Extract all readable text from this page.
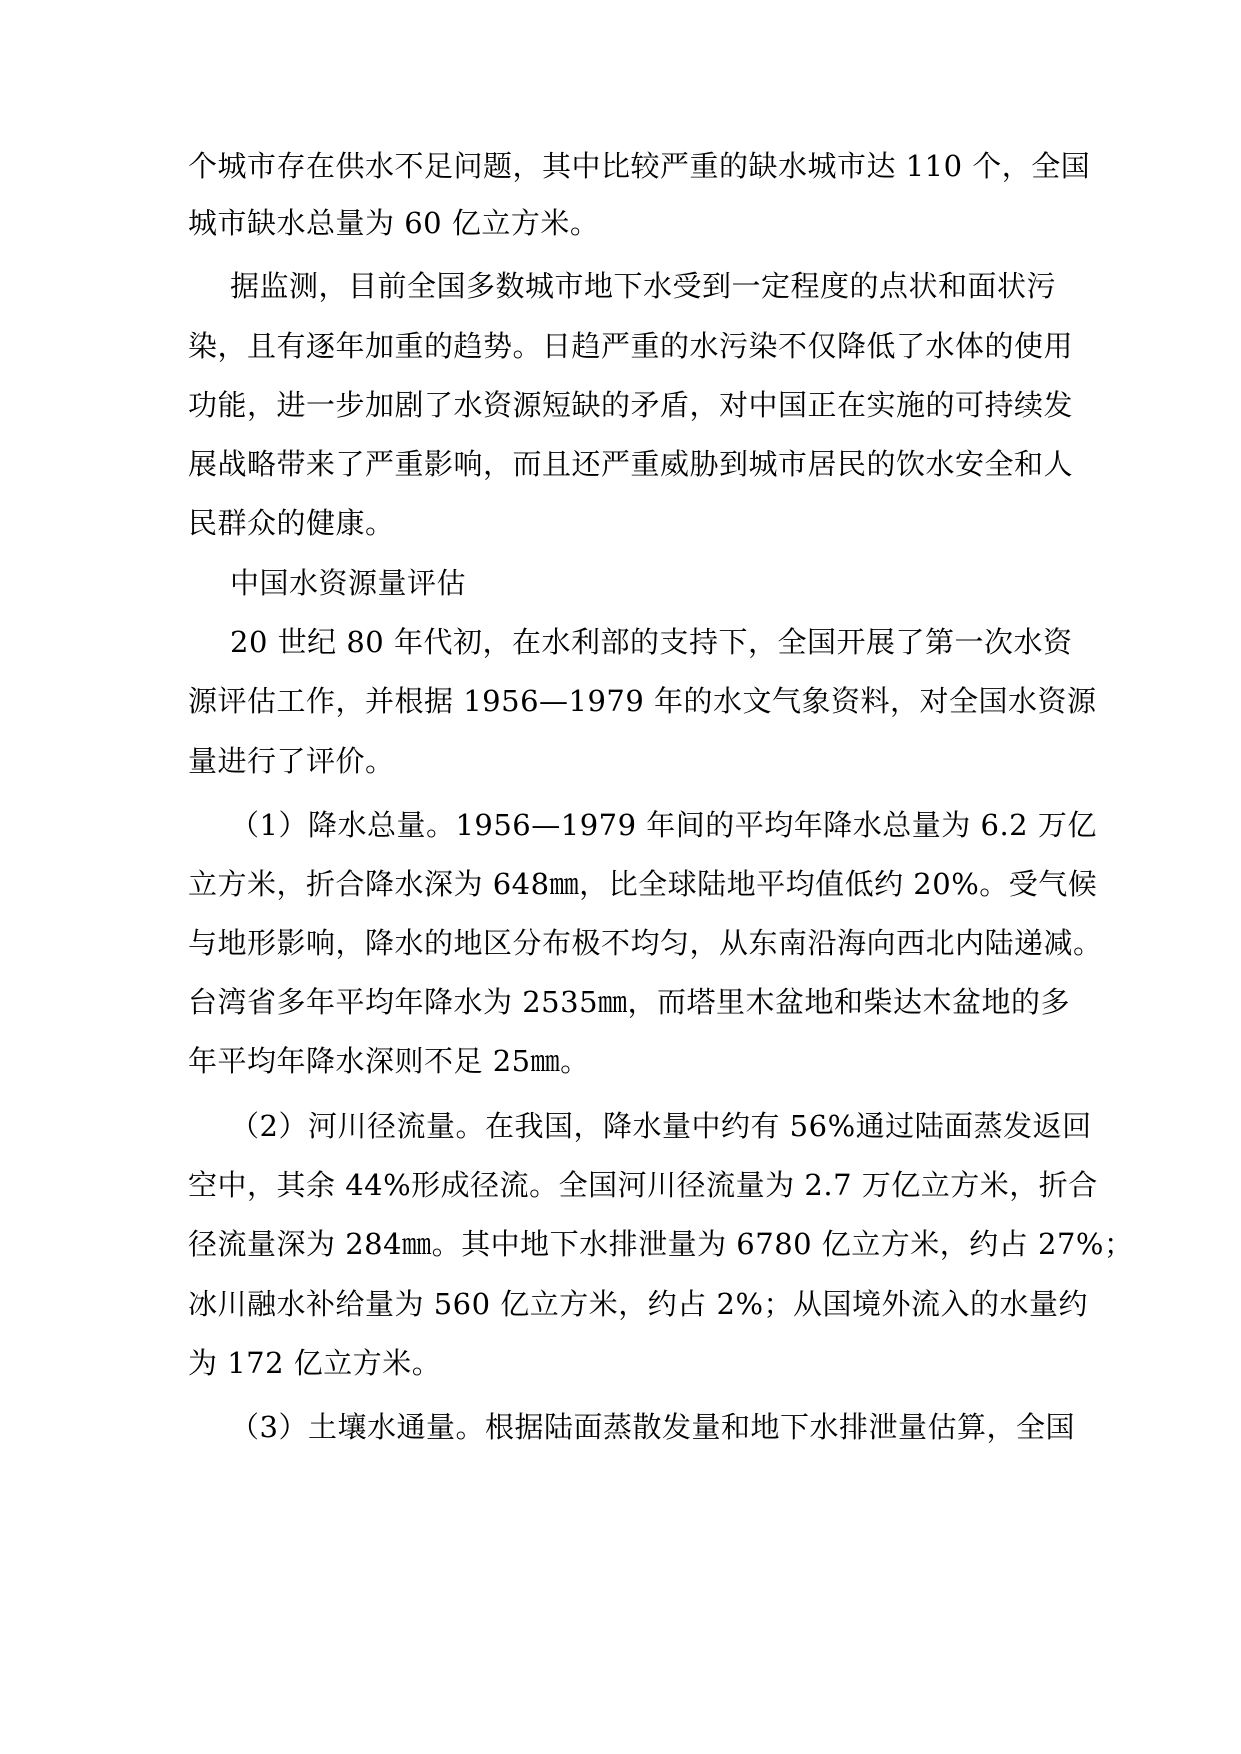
个城市存在供水不足问题，其中比较严重的缺水城市达 110 个，全国
城市缺水总量为 60 亿立方米。
据监测，目前全国多数城市地下水受到一定程度的点状和面状污
染，且有逐年加重的趋势。日趋严重的水污染不仅降低了水体的使用
功能，进一步加剧了水资源短缺的矛盾，对中国正在实施的可持续发
展战略带来了严重影响，而且还严重威胁到城市居民的饮水安全和人
民群众的健康。
中国水资源量评估
20 世纪 80 年代初，在水利部的支持下，全国开展了第一次水资
源评估工作，并根据 1956—1979 年的水文气象资料，对全国水资源
量进行了评价。
（1）降水总量。1956—1979 年间的平均年降水总量为 6.2 万亿
立方米，折合降水深为 648㎜，比全球陆地平均值低约 20%。受气候
与地形影响，降水的地区分布极不均匀，从东南沿海向西北内陆递减。
台湾省多年平均年降水为 2535㎜，而塔里木盆地和柴达木盆地的多
年平均年降水深则不足 25㎜。
（2）河川径流量。在我国，降水量中约有 56%通过陆面蒸发返回
空中，其余 44%形成径流。全国河川径流量为 2.7 万亿立方米，折合
径流量深为 284㎜。其中地下水排泄量为 6780 亿立方米，约占 27%；
冰川融水补给量为 560 亿立方米，约占 2%；从国境外流入的水量约
为 172 亿立方米。
（3）土壤水通量。根据陆面蒸散发量和地下水排泄量估算，全国
